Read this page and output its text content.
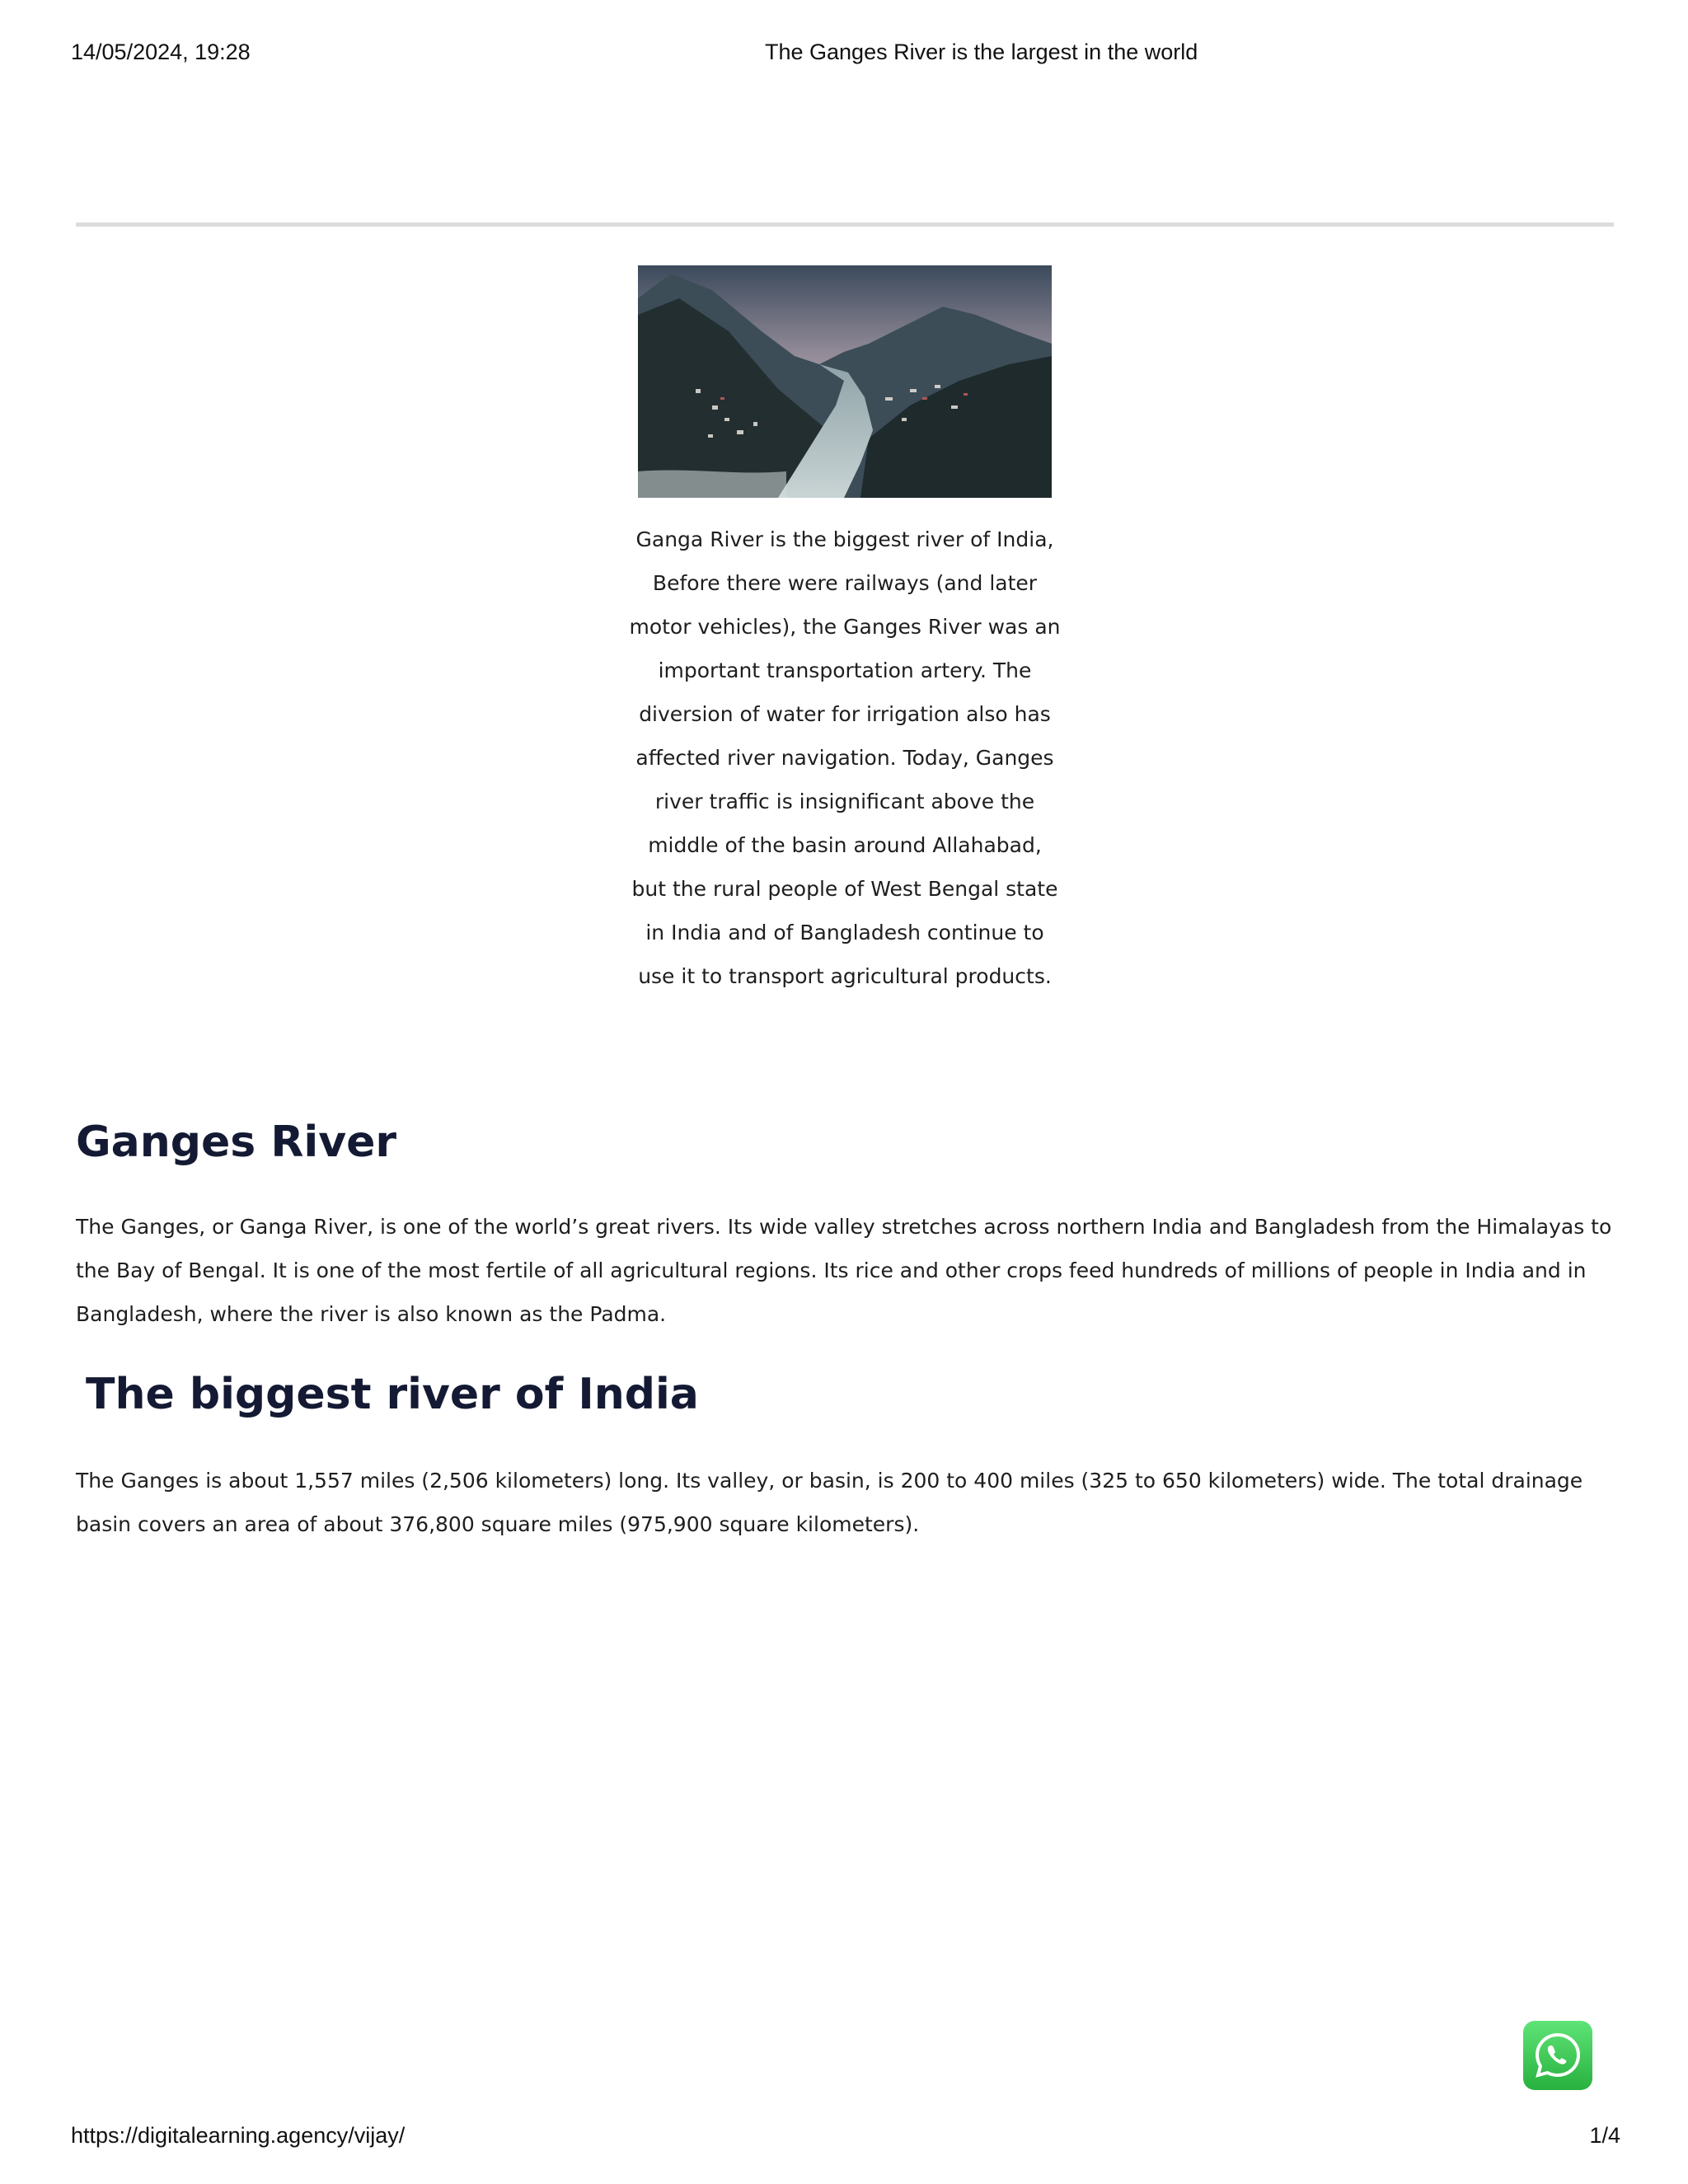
14/05/2024, 19:28	The Ganges River is the largest in the world
Ganga River is the biggest river of India, Before there were railways (and later motor vehicles), the Ganges River was an important transportation artery. The diversion of water for irrigation also has affected river navigation. Today, Ganges river traffic is insignificant above the middle of the basin around Allahabad, but the rural people of West Bengal state in India and of Bangladesh continue to use it to transport agricultural products.
Ganges River

The Ganges, or Ganga River, is one of the world’s great rivers. Its wide valley stretches across northern India and Bangladesh from the Himalayas to the Bay of Bengal. It is one of the most fertile of all agricultural regions. Its rice and other crops feed hundreds of millions of people in India and in Bangladesh, where the river is also known as the Padma.

The biggest river of India

The Ganges is about 1,557 miles (2,506 kilometers) long. Its valley, or basin, is 200 to 400 miles (325 to 650 kilometers) wide. The total drainage basin covers an area of about 376,800 square miles (975,900 square kilometers).

https://digitalearning.agency/vijay/	1/4
